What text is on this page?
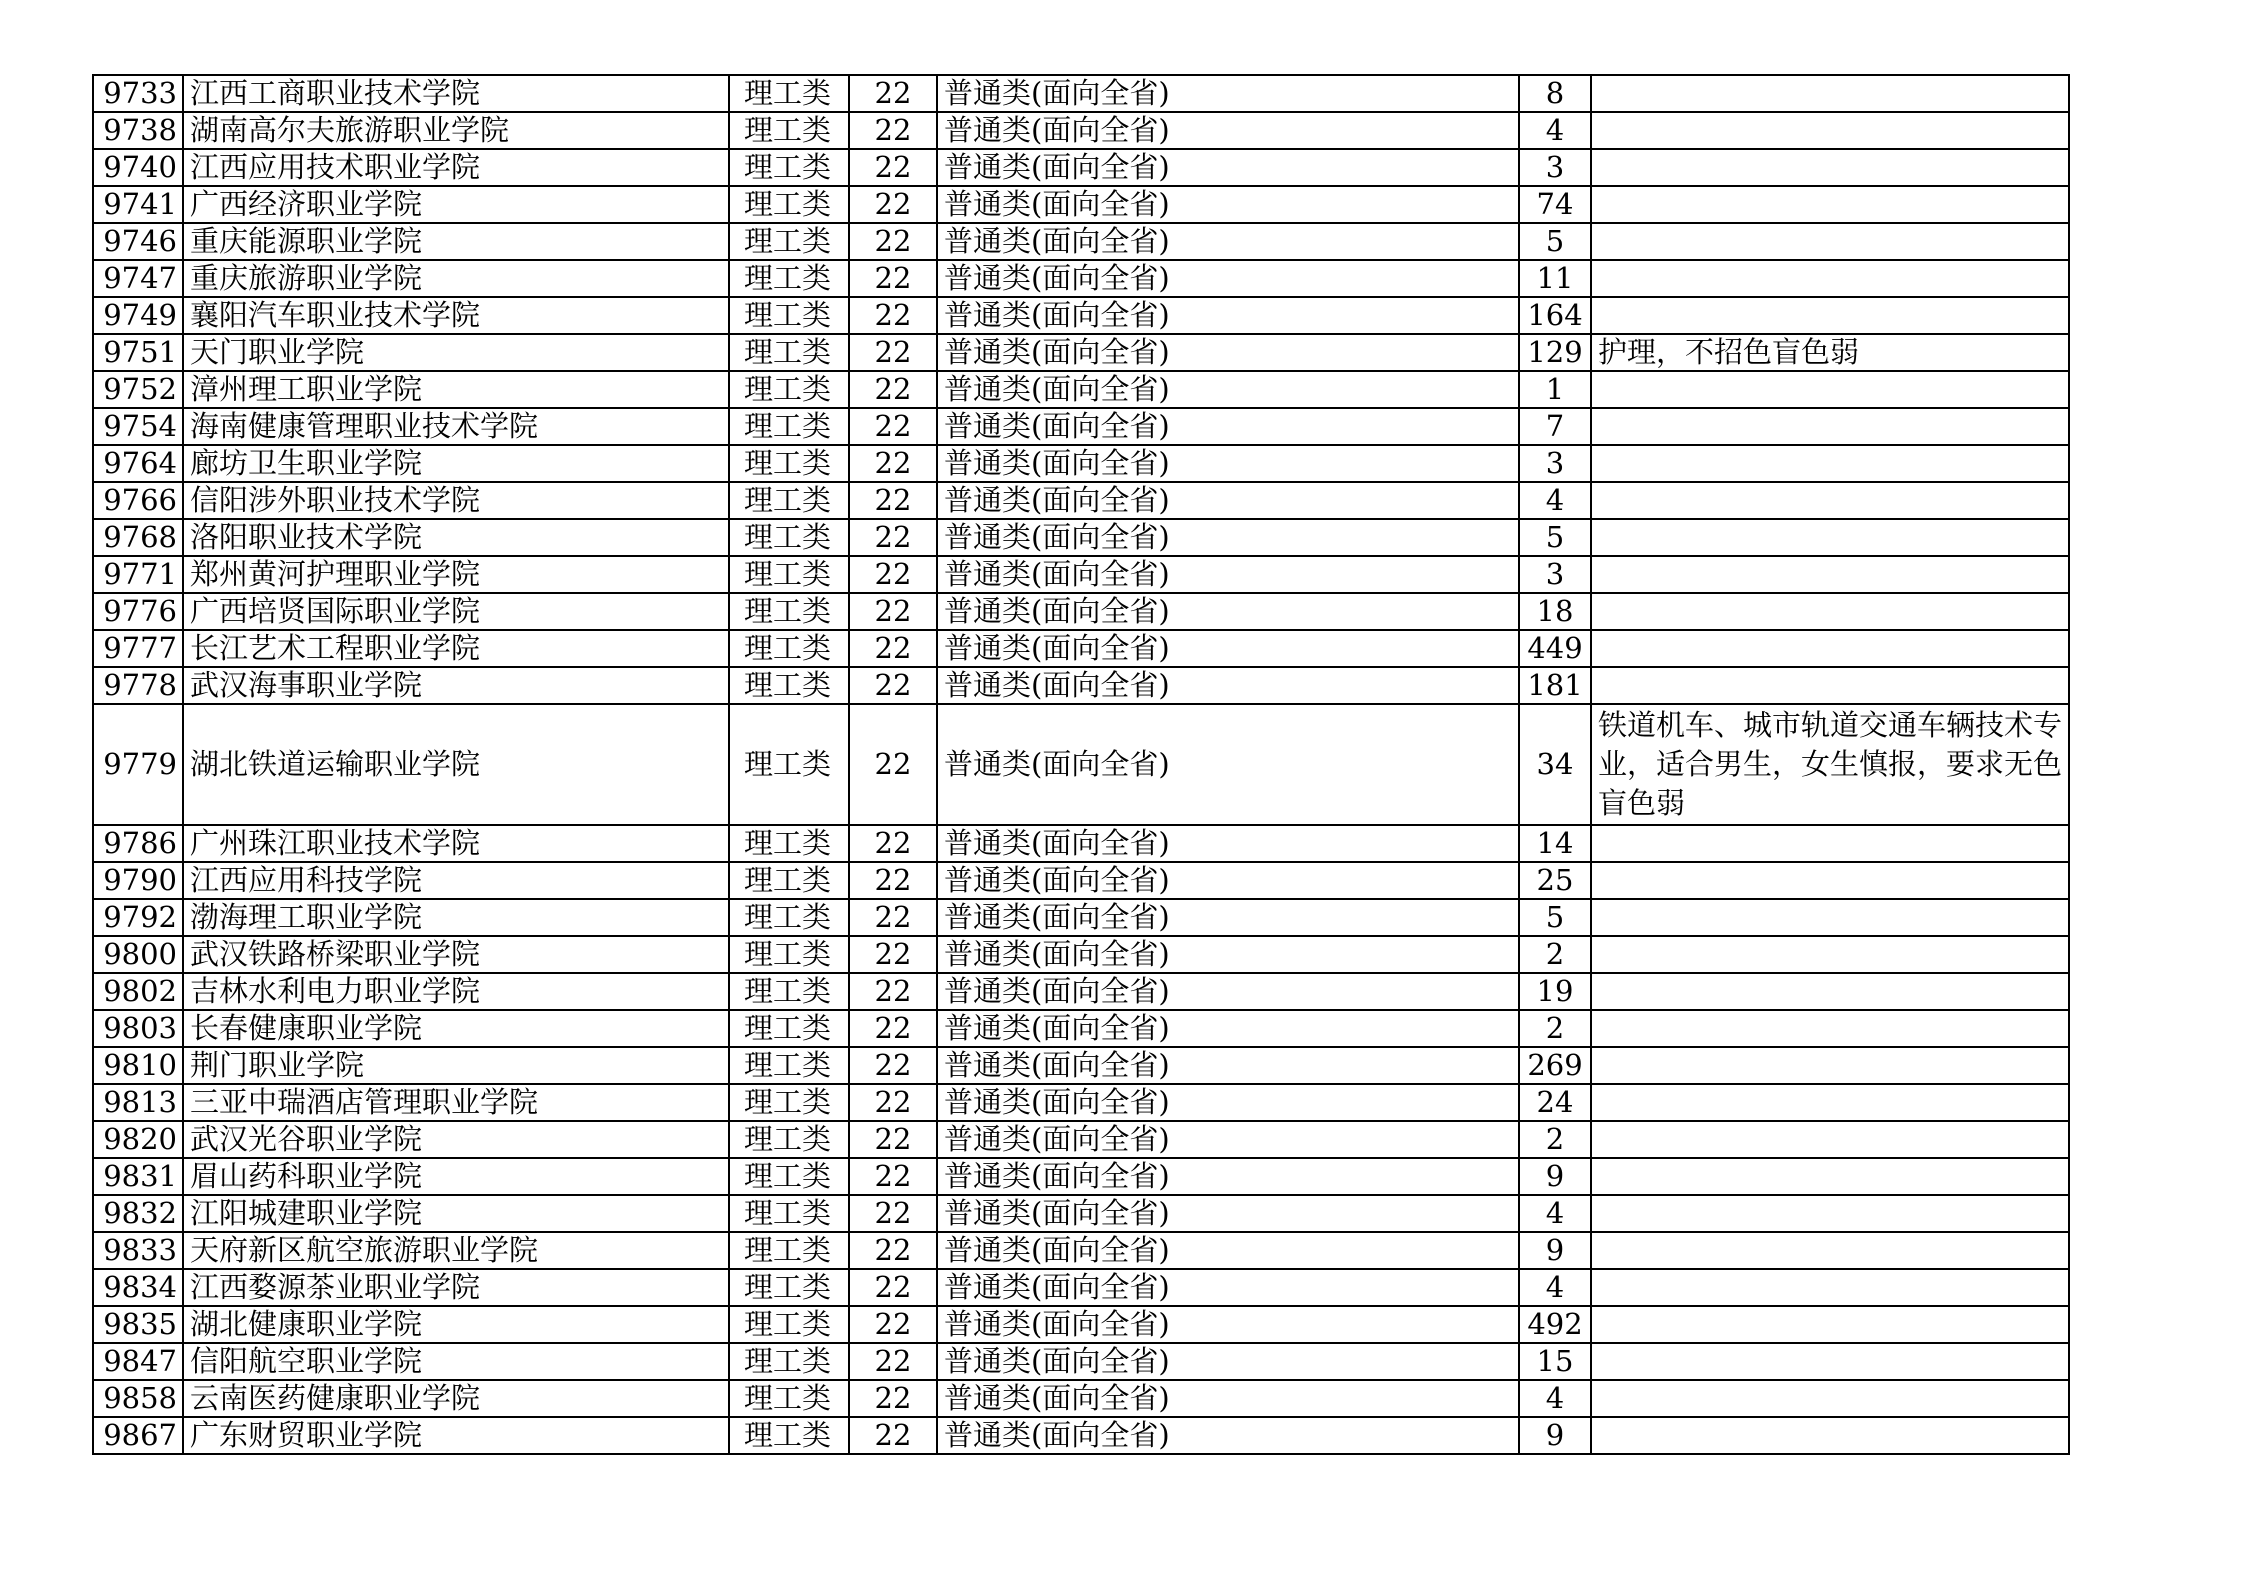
9733	江西工商职业技术学院	理工类	22	普通类(面向全省)	8	
9738	湖南高尔夫旅游职业学院	理工类	22	普通类(面向全省)	4	
9740	江西应用技术职业学院	理工类	22	普通类(面向全省)	3	
9741	广西经济职业学院	理工类	22	普通类(面向全省)	74	
9746	重庆能源职业学院	理工类	22	普通类(面向全省)	5	
9747	重庆旅游职业学院	理工类	22	普通类(面向全省)	11	
9749	襄阳汽车职业技术学院	理工类	22	普通类(面向全省)	164	
9751	天门职业学院	理工类	22	普通类(面向全省)	129	护理，不招色盲色弱
9752	漳州理工职业学院	理工类	22	普通类(面向全省)	1	
9754	海南健康管理职业技术学院	理工类	22	普通类(面向全省)	7	
9764	廊坊卫生职业学院	理工类	22	普通类(面向全省)	3	
9766	信阳涉外职业技术学院	理工类	22	普通类(面向全省)	4	
9768	洛阳职业技术学院	理工类	22	普通类(面向全省)	5	
9771	郑州黄河护理职业学院	理工类	22	普通类(面向全省)	3	
9776	广西培贤国际职业学院	理工类	22	普通类(面向全省)	18	
9777	长江艺术工程职业学院	理工类	22	普通类(面向全省)	449	
9778	武汉海事职业学院	理工类	22	普通类(面向全省)	181	
9779	湖北铁道运输职业学院	理工类	22	普通类(面向全省)	34	铁道机车、城市轨道交通车辆技术专业，适合男生，女生慎报，要求无色盲色弱
9786	广州珠江职业技术学院	理工类	22	普通类(面向全省)	14	
9790	江西应用科技学院	理工类	22	普通类(面向全省)	25	
9792	渤海理工职业学院	理工类	22	普通类(面向全省)	5	
9800	武汉铁路桥梁职业学院	理工类	22	普通类(面向全省)	2	
9802	吉林水利电力职业学院	理工类	22	普通类(面向全省)	19	
9803	长春健康职业学院	理工类	22	普通类(面向全省)	2	
9810	荆门职业学院	理工类	22	普通类(面向全省)	269	
9813	三亚中瑞酒店管理职业学院	理工类	22	普通类(面向全省)	24	
9820	武汉光谷职业学院	理工类	22	普通类(面向全省)	2	
9831	眉山药科职业学院	理工类	22	普通类(面向全省)	9	
9832	江阳城建职业学院	理工类	22	普通类(面向全省)	4	
9833	天府新区航空旅游职业学院	理工类	22	普通类(面向全省)	9	
9834	江西婺源茶业职业学院	理工类	22	普通类(面向全省)	4	
9835	湖北健康职业学院	理工类	22	普通类(面向全省)	492	
9847	信阳航空职业学院	理工类	22	普通类(面向全省)	15	
9858	云南医药健康职业学院	理工类	22	普通类(面向全省)	4	
9867	广东财贸职业学院	理工类	22	普通类(面向全省)	9	
